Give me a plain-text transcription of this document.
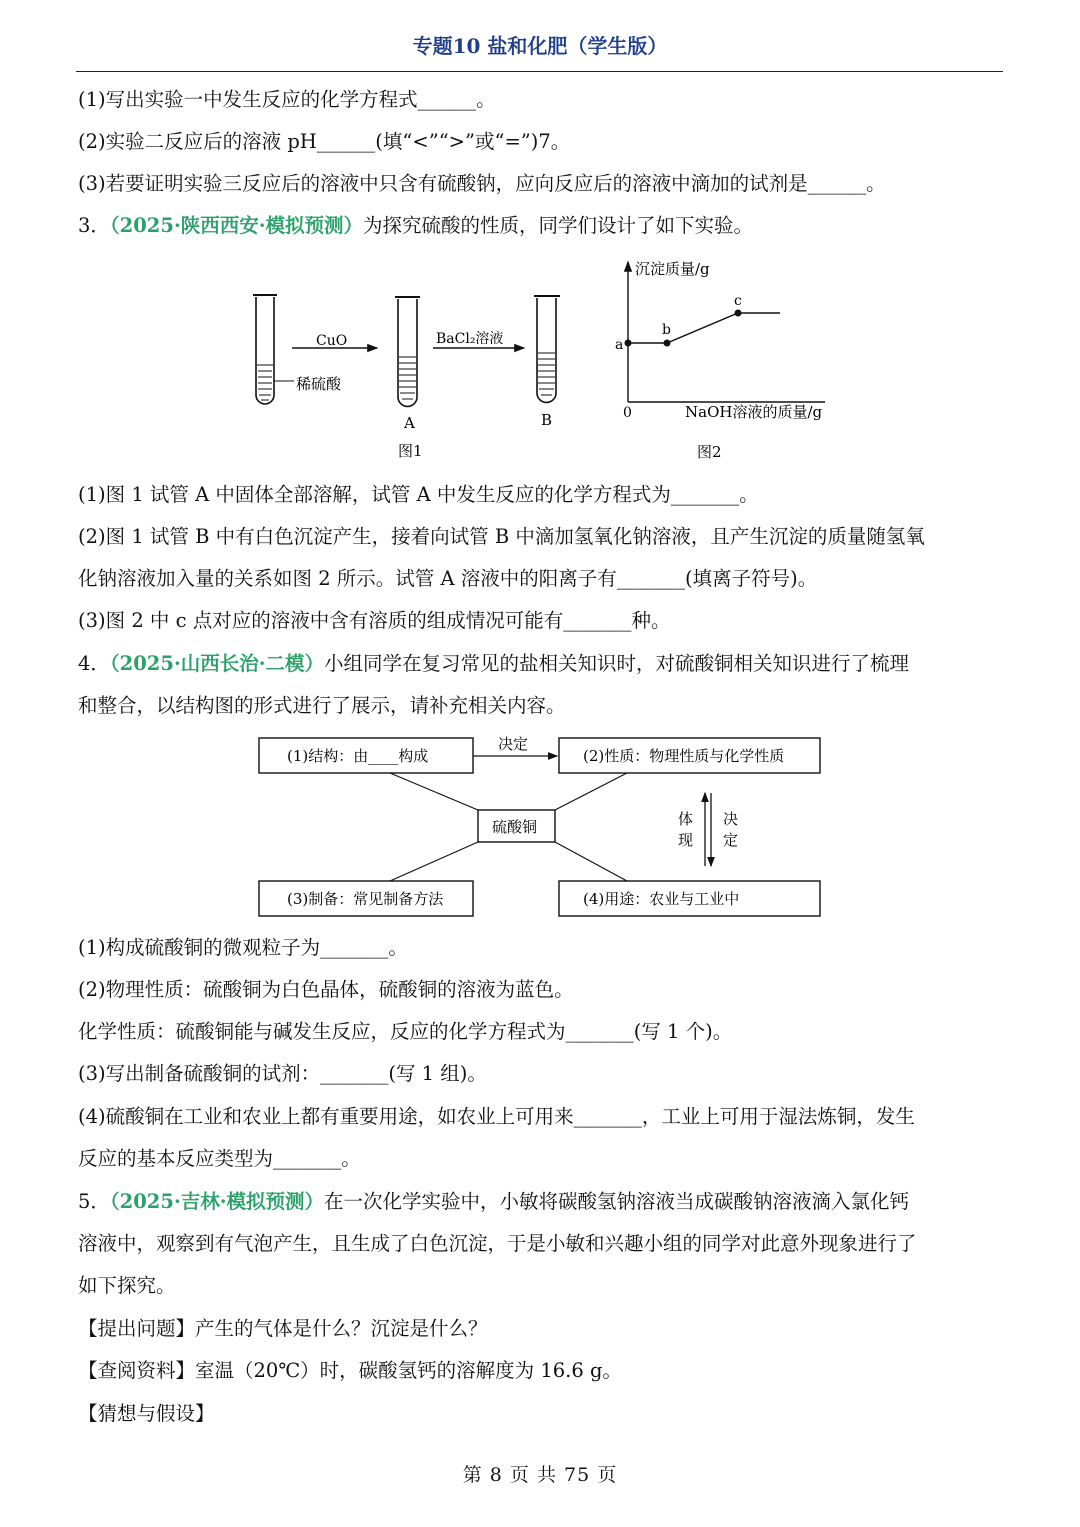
专题10 盐和化肥（学生版）
(1)写出实验一中发生反应的化学方程式______。
(2)实验二反应后的溶液 pH______(填“<”“>”或“=”)7。
(3)若要证明实验三反应后的溶液中只含有硫酸钠，应向反应后的溶液中滴加的试剂是______。
3．（2025·陕西西安·模拟预测）为探究硫酸的性质，同学们设计了如下实验。
稀硫酸
CuO
A
BaCl₂溶液
B
图1
沉淀质量/g
NaOH溶液的质量/g
0
a
b
c
图2
(1)图 1 试管 A 中固体全部溶解，试管 A 中发生反应的化学方程式为_______。
(2)图 1 试管 B 中有白色沉淀产生，接着向试管 B 中滴加氢氧化钠溶液，且产生沉淀的质量随氢氧
化钠溶液加入量的关系如图 2 所示。试管 A 溶液中的阳离子有_______(填离子符号)。
(3)图 2 中 c 点对应的溶液中含有溶质的组成情况可能有_______种。
4．（2025·山西长治·二模）小组同学在复习常见的盐相关知识时，对硫酸铜相关知识进行了梳理
和整合，以结构图的形式进行了展示，请补充相关内容。
(1)结构：由____构成	(2)性质：物理性质与化学性质
(3)制备：常见制备方法	(4)用途：农业与工业中
硫酸铜
决定
体
现
决
定
(1)构成硫酸铜的微观粒子为_______。
(2)物理性质：硫酸铜为白色晶体，硫酸铜的溶液为蓝色。
化学性质：硫酸铜能与碱发生反应，反应的化学方程式为_______(写 1 个)。
(3)写出制备硫酸铜的试剂：_______(写 1 组)。
(4)硫酸铜在工业和农业上都有重要用途，如农业上可用来_______，工业上可用于湿法炼铜，发生
反应的基本反应类型为_______。
5．（2025·吉林·模拟预测）在一次化学实验中，小敏将碳酸氢钠溶液当成碳酸钠溶液滴入氯化钙
溶液中，观察到有气泡产生，且生成了白色沉淀，于是小敏和兴趣小组的同学对此意外现象进行了
如下探究。
【提出问题】产生的气体是什么？沉淀是什么？
【查阅资料】室温（20℃）时，碳酸氢钙的溶解度为 16.6 g。
【猜想与假设】
第 8 页 共 75 页
